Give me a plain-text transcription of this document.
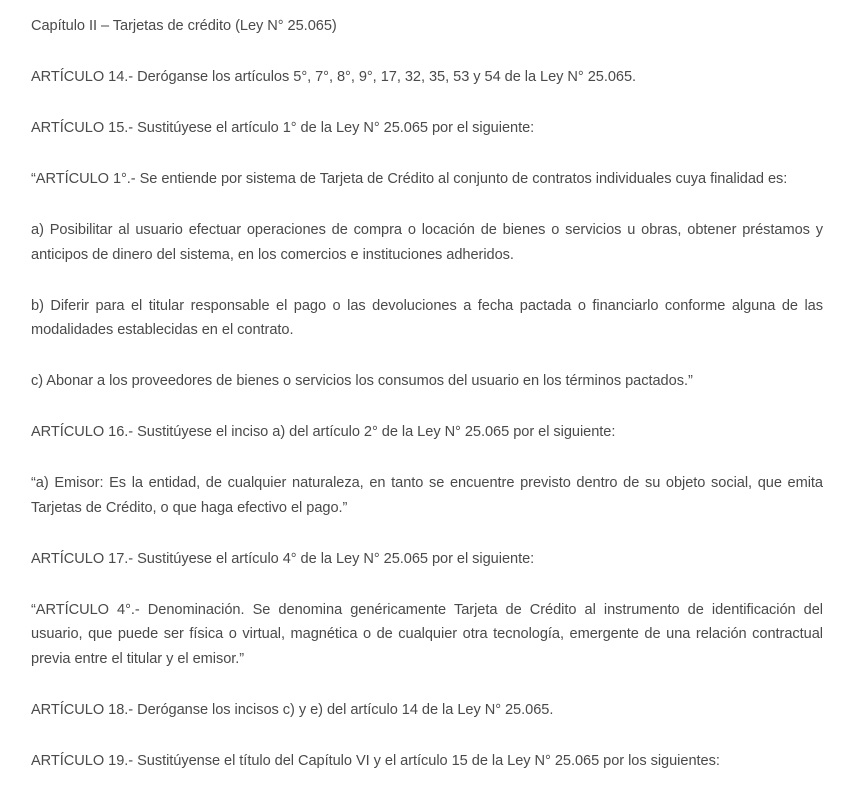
Capítulo II – Tarjetas de crédito (Ley N° 25.065)

ARTÍCULO 14.- Deróganse los artículos 5°, 7°, 8°, 9°, 17, 32, 35, 53 y 54 de la Ley N° 25.065.

ARTÍCULO 15.- Sustitúyese el artículo 1° de la Ley N° 25.065 por el siguiente:

“ARTÍCULO 1°.- Se entiende por sistema de Tarjeta de Crédito al conjunto de contratos individuales cuya finalidad es:

a) Posibilitar al usuario efectuar operaciones de compra o locación de bienes o servicios u obras, obtener préstamos y anticipos de dinero del sistema, en los comercios e instituciones adheridos.

b) Diferir para el titular responsable el pago o las devoluciones a fecha pactada o financiarlo conforme alguna de las modalidades establecidas en el contrato.

c) Abonar a los proveedores de bienes o servicios los consumos del usuario en los términos pactados.”

ARTÍCULO 16.- Sustitúyese el inciso a) del artículo 2° de la Ley N° 25.065 por el siguiente:

“a) Emisor: Es la entidad, de cualquier naturaleza, en tanto se encuentre previsto dentro de su objeto social, que emita Tarjetas de Crédito, o que haga efectivo el pago.”

ARTÍCULO 17.- Sustitúyese el artículo 4° de la Ley N° 25.065 por el siguiente:

“ARTÍCULO 4°.- Denominación. Se denomina genéricamente Tarjeta de Crédito al instrumento de identificación del usuario, que puede ser física o virtual, magnética o de cualquier otra tecnología, emergente de una relación contractual previa entre el titular y el emisor.”

ARTÍCULO 18.- Deróganse los incisos c) y e) del artículo 14 de la Ley N° 25.065.

ARTÍCULO 19.- Sustitúyense el título del Capítulo VI y el artículo 15 de la Ley N° 25.065 por los siguientes:
